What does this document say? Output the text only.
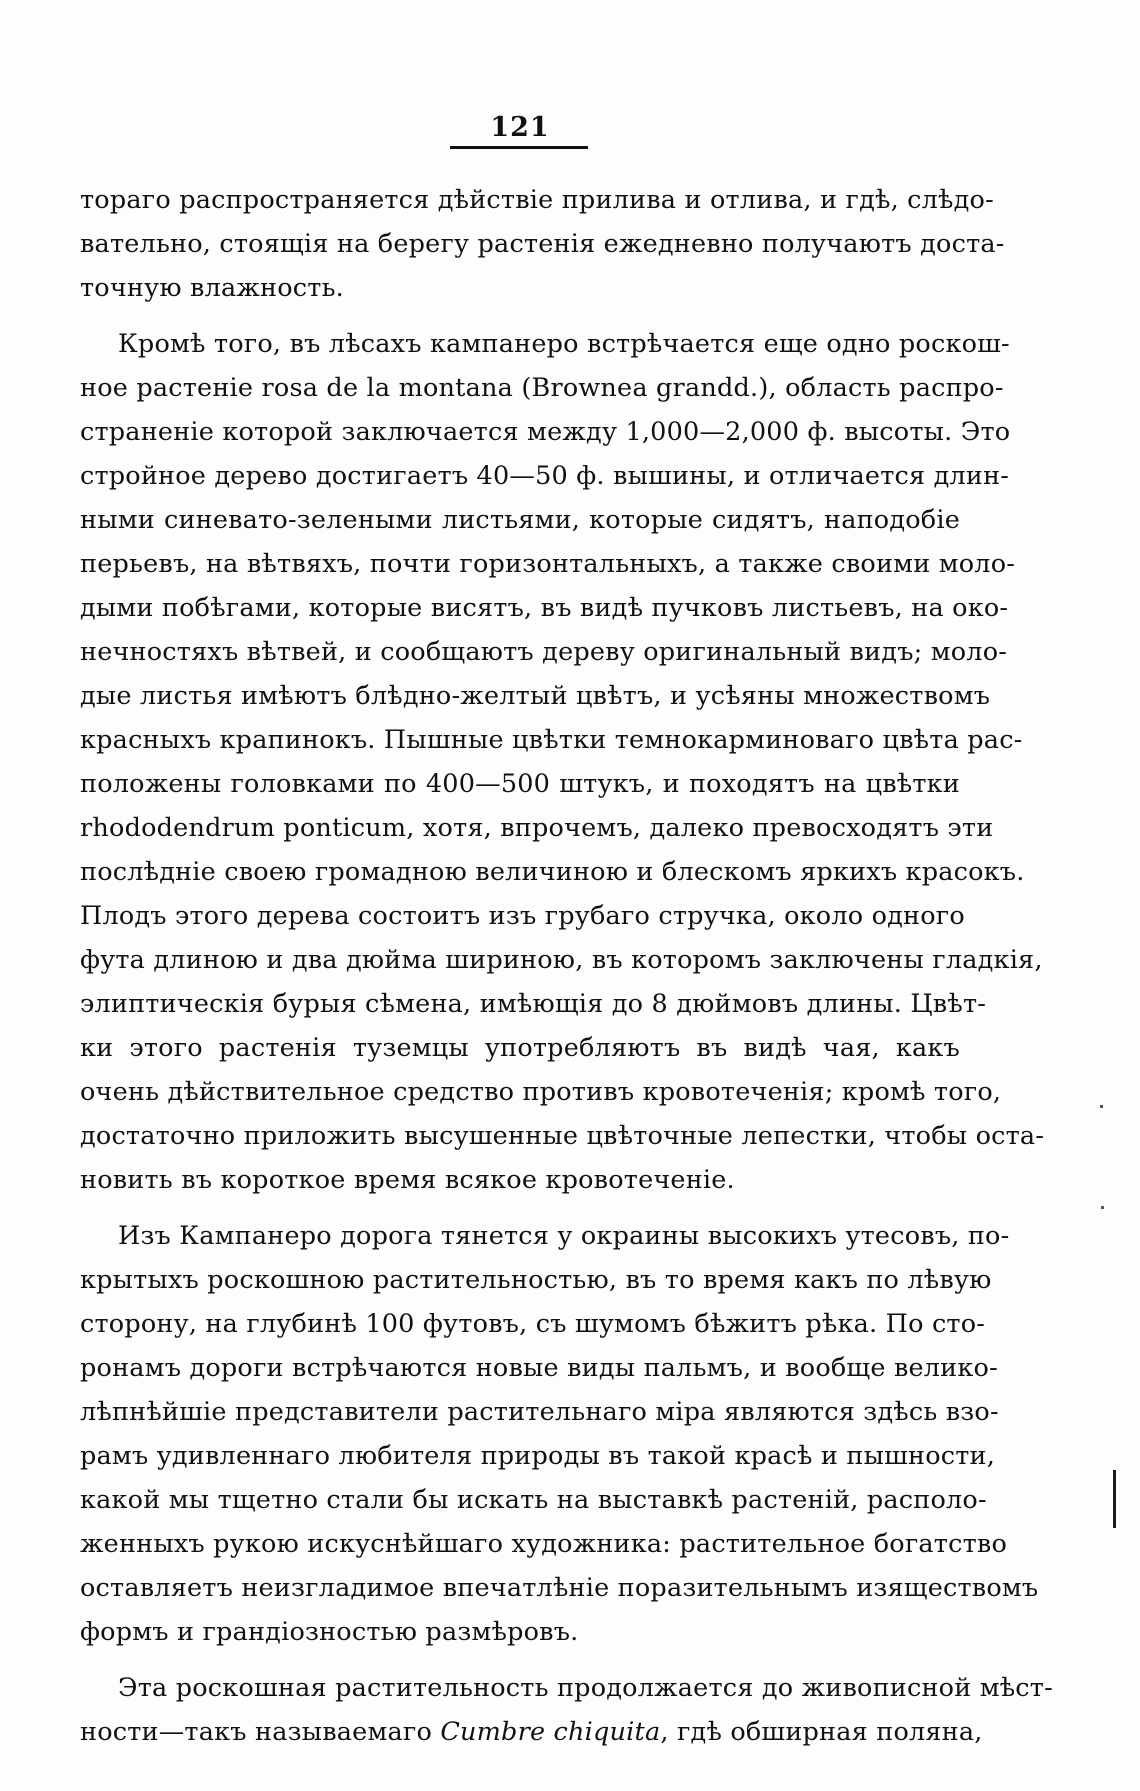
121
тораго распространяется дѣйствіе прилива и отлива, и гдѣ, слѣдо-
вательно, стоящія на берегу растенія ежедневно получаютъ доста-
точную влажность.
Кромѣ того, въ лѣсахъ кампанеро встрѣчается еще одно роскош-
ное растеніе rosa de la montana (Brownea grandd.), область распро-
страненіе которой заключается между 1,000—2,000 ф. высоты. Это
стройное дерево достигаетъ 40—50 ф. вышины, и отличается длин-
ными синевато-зелеными листьями, которые сидятъ, наподобіе
перьевъ, на вѣтвяхъ, почти горизонтальныхъ, а также своими моло-
дыми побѣгами, которые висятъ, въ видѣ пучковъ листьевъ, на око-
нечностяхъ вѣтвей, и сообщаютъ дереву оригинальный видъ; моло-
дые листья имѣютъ блѣдно-желтый цвѣтъ, и усѣяны множествомъ
красныхъ крапинокъ. Пышные цвѣтки темнокарминоваго цвѣта рас-
положены головками по 400—500 штукъ, и походятъ на цвѣтки
rhododendrum ponticum, хотя, впрочемъ, далеко превосходятъ эти
послѣдніе своею громадною величиною и блескомъ яркихъ красокъ.
Плодъ этого дерева состоитъ изъ грубаго стручка, около одного
фута длиною и два дюйма шириною, въ которомъ заключены гладкія,
элиптическія бурыя сѣмена, имѣющія до 8 дюймовъ длины. Цвѣт-
ки этого растенія туземцы употребляютъ въ видѣ чая, какъ
очень дѣйствительное средство противъ кровотеченія; кромѣ того,
достаточно приложить высушенные цвѣточные лепестки, чтобы оста-
новить въ короткое время всякое кровотеченіе.
Изъ Кампанеро дорога тянется у окраины высокихъ утесовъ, по-
крытыхъ роскошною растительностью, въ то время какъ по лѣвую
сторону, на глубинѣ 100 футовъ, съ шумомъ бѣжитъ рѣка. По сто-
ронамъ дороги встрѣчаются новые виды пальмъ, и вообще велико-
лѣпнѣйшіе представители растительнаго міра являются здѣсь взо-
рамъ удивленнаго любителя природы въ такой красѣ и пышности,
какой мы тщетно стали бы искать на выставкѣ растеній, располо-
женныхъ рукою искуснѣйшаго художника: растительное богатство
оставляетъ неизгладимое впечатлѣніе поразительнымъ изяществомъ
формъ и грандіозностью размѣровъ.
Эта роскошная растительность продолжается до живописной мѣст-
ности—такъ называемаго Cumbre chiquita, гдѣ обширная поляна,
